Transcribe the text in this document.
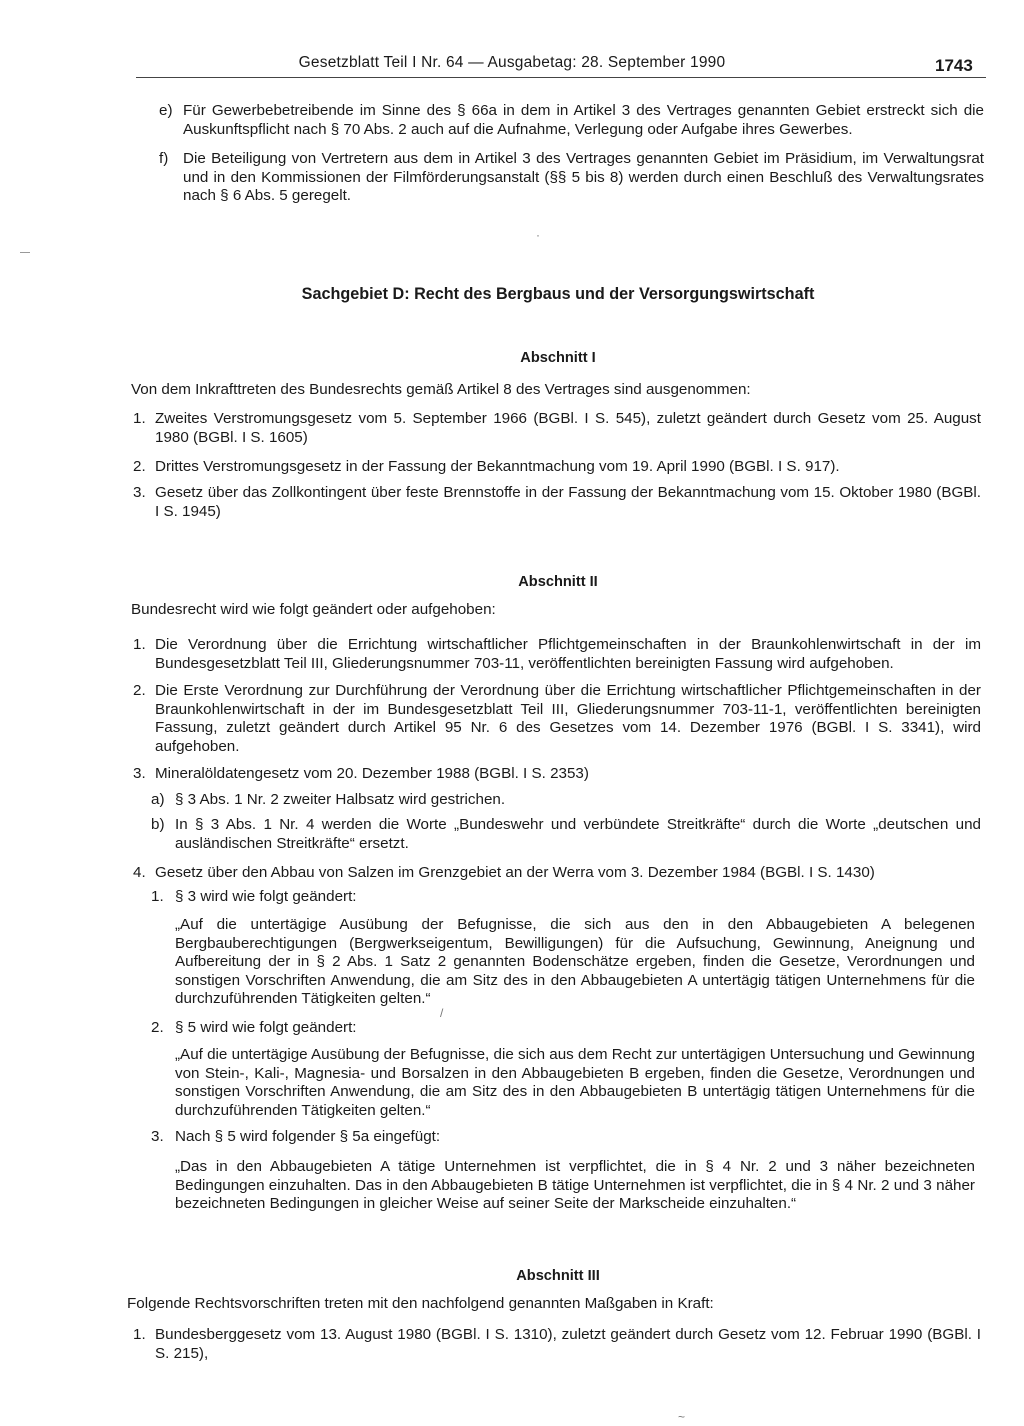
Gesetzblatt Teil I Nr. 64 — Ausgabetag: 28. September 1990	1743
e) Für Gewerbebetreibende im Sinne des § 66a in dem in Artikel 3 des Vertrages genannten Gebiet erstreckt sich die Auskunftspflicht nach § 70 Abs. 2 auch auf die Aufnahme, Verlegung oder Aufgabe ihres Gewerbes.
f) Die Beteiligung von Vertretern aus dem in Artikel 3 des Vertrages genannten Gebiet im Präsidium, im Verwaltungsrat und in den Kommissionen der Filmförderungsanstalt (§§ 5 bis 8) werden durch einen Beschluß des Verwaltungsrates nach § 6 Abs. 5 geregelt.
Sachgebiet D: Recht des Bergbaus und der Versorgungswirtschaft
Abschnitt I
Von dem Inkrafttreten des Bundesrechts gemäß Artikel 8 des Vertrages sind ausgenommen:
1. Zweites Verstromungsgesetz vom 5. September 1966 (BGBl. I S. 545), zuletzt geändert durch Gesetz vom 25. August 1980 (BGBl. I S. 1605)
2. Drittes Verstromungsgesetz in der Fassung der Bekanntmachung vom 19. April 1990 (BGBl. I S. 917).
3. Gesetz über das Zollkontingent über feste Brennstoffe in der Fassung der Bekanntmachung vom 15. Oktober 1980 (BGBl. I S. 1945)
Abschnitt II
Bundesrecht wird wie folgt geändert oder aufgehoben:
1. Die Verordnung über die Errichtung wirtschaftlicher Pflichtgemeinschaften in der Braunkohlenwirtschaft in der im Bundesgesetzblatt Teil III, Gliederungsnummer 703-11, veröffentlichten bereinigten Fassung wird aufgehoben.
2. Die Erste Verordnung zur Durchführung der Verordnung über die Errichtung wirtschaftlicher Pflichtgemeinschaften in der Braunkohlenwirtschaft in der im Bundesgesetzblatt Teil III, Gliederungsnummer 703-11-1, veröffentlichten bereinigten Fassung, zuletzt geändert durch Artikel 95 Nr. 6 des Gesetzes vom 14. Dezember 1976 (BGBl. I S. 3341), wird aufgehoben.
3. Mineralöldatengesetz vom 20. Dezember 1988 (BGBl. I S. 2353)
a) § 3 Abs. 1 Nr. 2 zweiter Halbsatz wird gestrichen.
b) In § 3 Abs. 1 Nr. 4 werden die Worte „Bundeswehr und verbündete Streitkräfte“ durch die Worte „deutschen und ausländischen Streitkräfte“ ersetzt.
4. Gesetz über den Abbau von Salzen im Grenzgebiet an der Werra vom 3. Dezember 1984 (BGBl. I S. 1430)
1. § 3 wird wie folgt geändert:
„Auf die untertägige Ausübung der Befugnisse, die sich aus den in den Abbaugebieten A belegenen Bergbauberechtigungen (Bergwerkseigentum, Bewilligungen) für die Aufsuchung, Gewinnung, Aneignung und Aufbereitung der in § 2 Abs. 1 Satz 2 genannten Bodenschätze ergeben, finden die Gesetze, Verordnungen und sonstigen Vorschriften Anwendung, die am Sitz des in den Abbaugebieten A untertägig tätigen Unternehmens für die durchzuführenden Tätigkeiten gelten.“
2. § 5 wird wie folgt geändert:
„Auf die untertägige Ausübung der Befugnisse, die sich aus dem Recht zur untertägigen Untersuchung und Gewinnung von Stein-, Kali-, Magnesia- und Borsalzen in den Abbaugebieten B ergeben, finden die Gesetze, Verordnungen und sonstigen Vorschriften Anwendung, die am Sitz des in den Abbaugebieten B untertägig tätigen Unternehmens für die durchzuführenden Tätigkeiten gelten.“
3. Nach § 5 wird folgender § 5a eingefügt:
„Das in den Abbaugebieten A tätige Unternehmen ist verpflichtet, die in § 4 Nr. 2 und 3 näher bezeichneten Bedingungen einzuhalten. Das in den Abbaugebieten B tätige Unternehmen ist verpflichtet, die in § 4 Nr. 2 und 3 näher bezeichneten Bedingungen in gleicher Weise auf seiner Seite der Markscheide einzuhalten.“
Abschnitt III
Folgende Rechtsvorschriften treten mit den nachfolgend genannten Maßgaben in Kraft:
1. Bundesberggesetz vom 13. August 1980 (BGBl. I S. 1310), zuletzt geändert durch Gesetz vom 12. Februar 1990 (BGBl. I S. 215),
·
/
~
